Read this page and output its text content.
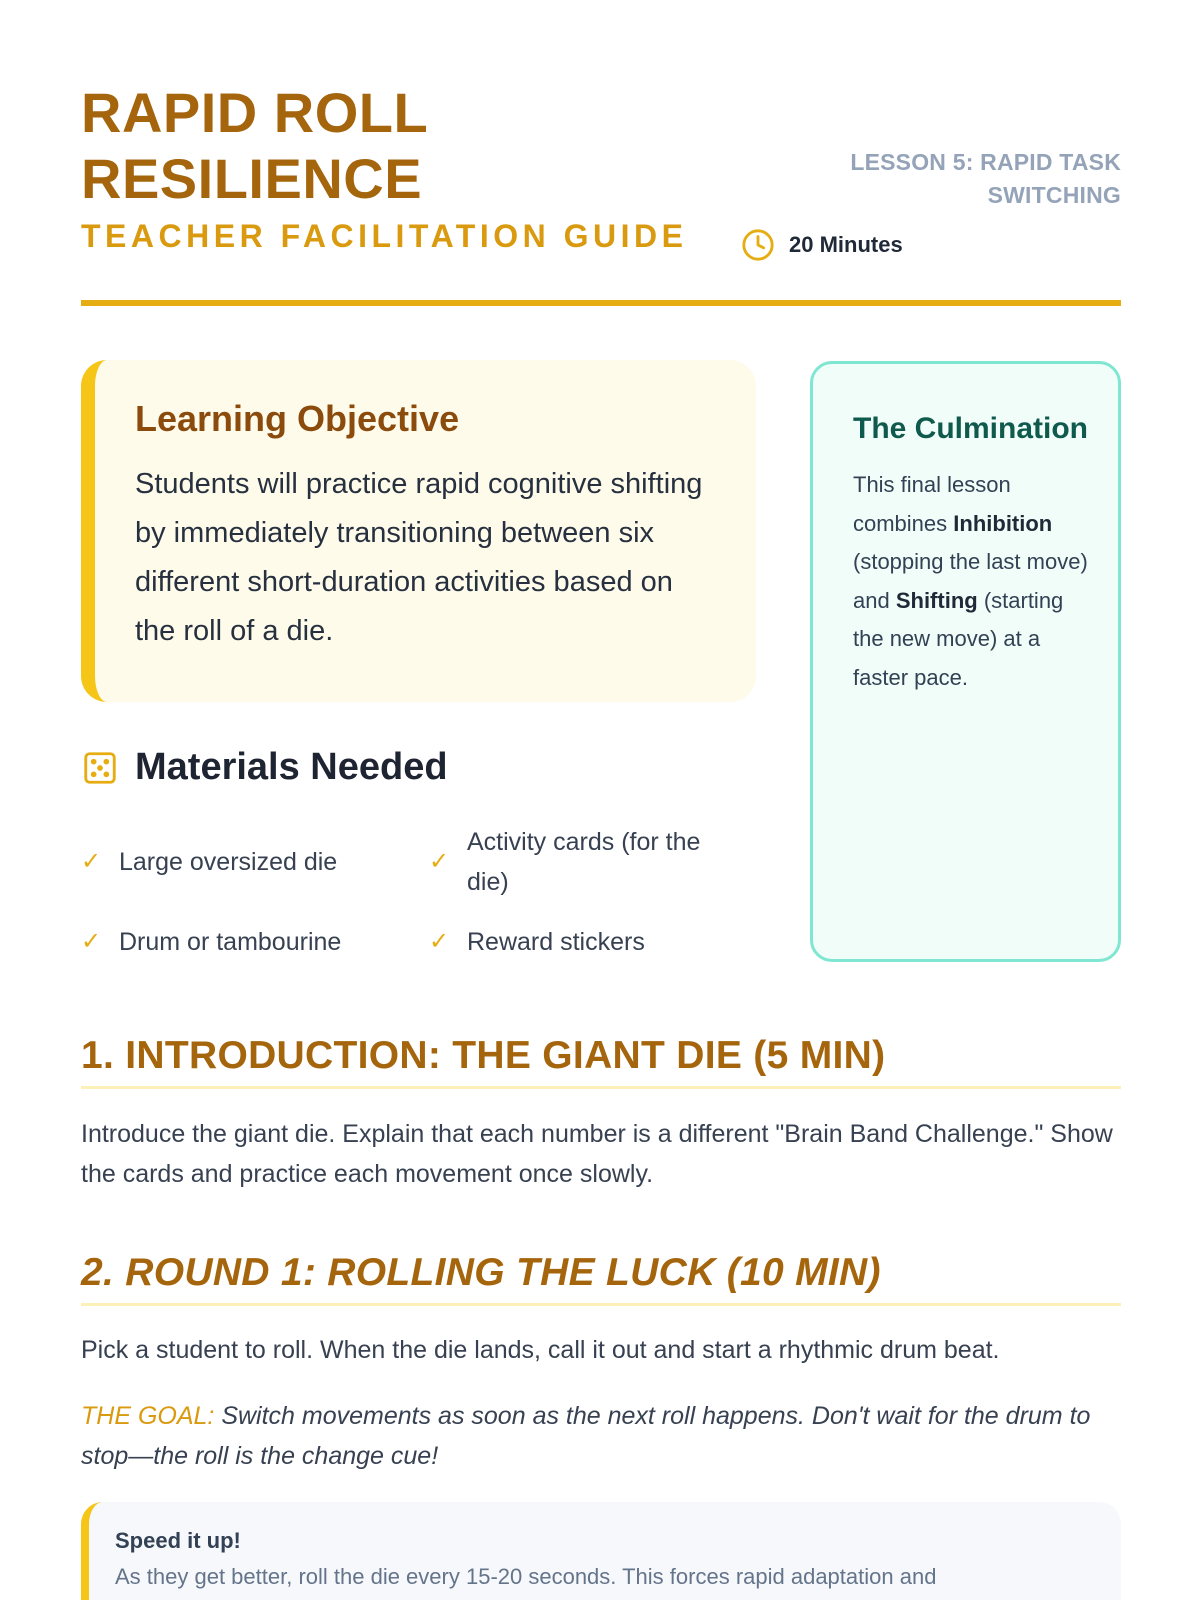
RAPID ROLL RESILIENCE
TEACHER FACILITATION GUIDE
LESSON 5: RAPID TASK SWITCHING
20 Minutes
Learning Objective

Students will practice rapid cognitive shifting by immediately transitioning between six different short-duration activities based on the roll of a die.

The Culmination

This final lesson combines Inhibition (stopping the last move) and Shifting (starting the new move) at a faster pace.

Materials Needed
✓ Large oversized die	✓
Activity cards (for the die)
✓ Drum or tambourine	✓ Reward stickers
1. INTRODUCTION: THE GIANT DIE (5 MIN)

Introduce the giant die. Explain that each number is a different "Brain Band Challenge." Show the cards and practice each movement once slowly.

2. ROUND 1: ROLLING THE LUCK (10 MIN)

Pick a student to roll. When the die lands, call it out and start a rhythmic drum beat.

THE GOAL: Switch movements as soon as the next roll happens. Don't wait for the drum to stop—the roll is the change cue!

Speed it up!

As they get better, roll the die every 15-20 seconds. This forces rapid adaptation and
